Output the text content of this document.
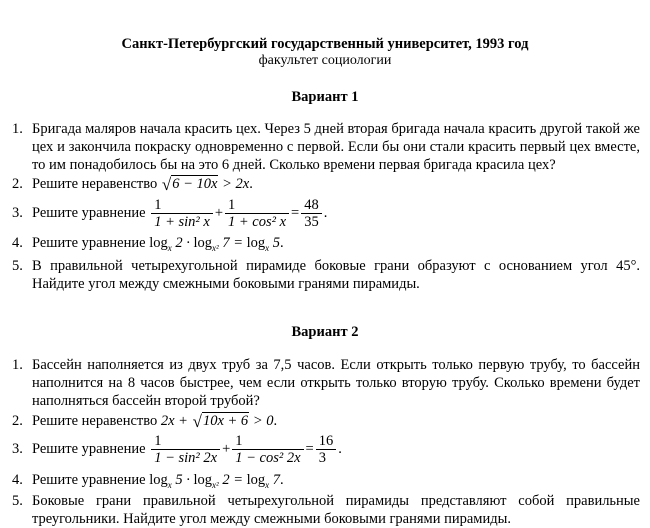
Санкт-Петербургский государственный университет, 1993 год
факультет социологии
Вариант 1
1. Бригада маляров начала красить цех. Через 5 дней вторая бригада начала красить другой такой же цех и закончила покраску одновременно с первой. Если бы они стали красить первый цех вместе, то им понадобилось бы на это 6 дней. Сколько времени первая бригада красила цех?
2. Решите неравенство √6 − 10x > 2x.
3. Решите уравнение $\frac{1}{\text{1 + sin² x}} + \frac{1}{\text{1 + cos² x}} = \frac{48}{35}$ .
4. Решите уравнение $\log_x 2 \cdot \log_{x^2} 7 = \log_x 5$.
5. В правильной четырехугольной пирамиде боковые грани образуют с основанием угол 45°. Найдите угол между смежными боковыми гранями пирамиды.
Вариант 2
1. Бассейн наполняется из двух труб за 7,5 часов. Если открыть только первую трубу, то бассейн наполнится на 8 часов быстрее, чем если открыть только вторую трубу. Сколько времени будет наполняться бассейн второй трубой?
2. Решите неравенство 2x + √10x + 6 > 0.
3. Решите уравнение $\frac{1}{\text{1 − sin² 2x}} + \frac{1}{\text{1 − cos² 2x}} = \frac{16}{3}$ .
4. Решите уравнение $\log_x 5 \cdot \log_{x^2} 2 = \log_x 7$.
5. Боковые грани правильной четырехугольной пирамиды представляют собой правильные треугольники. Найдите угол между смежными боковыми гранями пирамиды.
